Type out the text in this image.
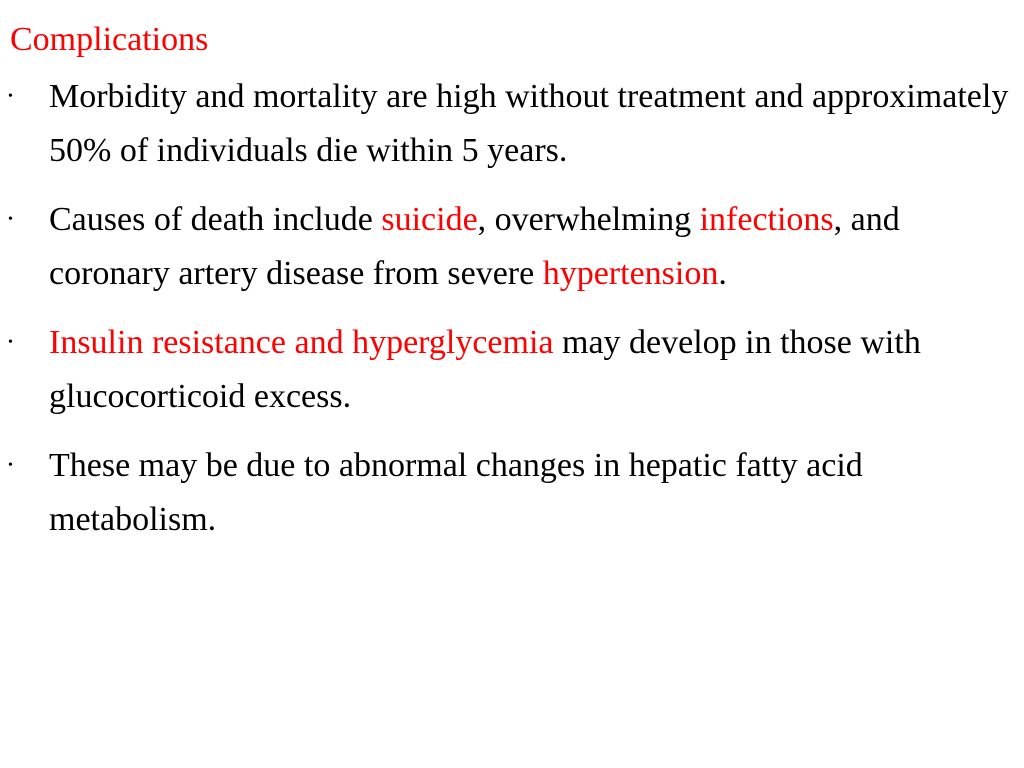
Complications
• Morbidity and mortality are high without treatment and approximately 50% of individuals die within 5 years.
• Causes of death include suicide, overwhelming infections, and coronary artery disease from severe hypertension.
• Insulin resistance and hyperglycemia may develop in those with glucocorticoid excess.
• These may be due to abnormal changes in hepatic fatty acid metabolism.
